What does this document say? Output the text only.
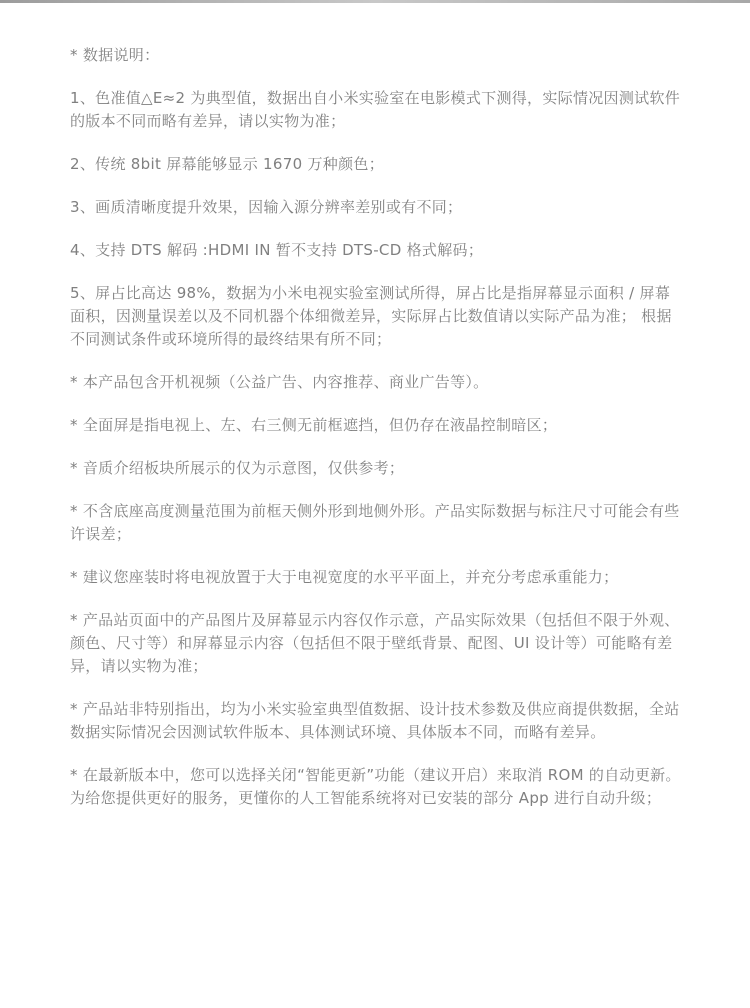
* 数据说明：

1、色准值△E≈2 为典型值，数据出自小米实验室在电影模式下测得，实际情况因测试软件的版本不同而略有差异，请以实物为准；

2、传统 8bit 屏幕能够显示 1670 万种颜色；

3、画质清晰度提升效果，因输入源分辨率差别或有不同；

4、支持 DTS 解码 :HDMI IN 暂不支持 DTS-CD 格式解码；

5、屏占比高达 98%，数据为小米电视实验室测试所得，屏占比是指屏幕显示面积 / 屏幕面积，因测量误差以及不同机器个体细微差异，实际屏占比数值请以实际产品为准； 根据不同测试条件或环境所得的最终结果有所不同；

* 本产品包含开机视频（公益广告、内容推荐、商业广告等）。

* 全面屏是指电视上、左、右三侧无前框遮挡，但仍存在液晶控制暗区；

* 音质介绍板块所展示的仅为示意图，仅供参考；

* 不含底座高度测量范围为前框天侧外形到地侧外形。产品实际数据与标注尺寸可能会有些许误差；

* 建议您座装时将电视放置于大于电视宽度的水平平面上，并充分考虑承重能力；

* 产品站页面中的产品图片及屏幕显示内容仅作示意，产品实际效果（包括但不限于外观、颜色、尺寸等）和屏幕显示内容（包括但不限于壁纸背景、配图、UI 设计等）可能略有差异，请以实物为准；

* 产品站非特别指出，均为小米实验室典型值数据、设计技术参数及供应商提供数据，全站数据实际情况会因测试软件版本、具体测试环境、具体版本不同，而略有差异。

* 在最新版本中，您可以选择关闭“智能更新”功能（建议开启）来取消 ROM 的自动更新。为给您提供更好的服务，更懂你的人工智能系统将对已安装的部分 App 进行自动升级；
